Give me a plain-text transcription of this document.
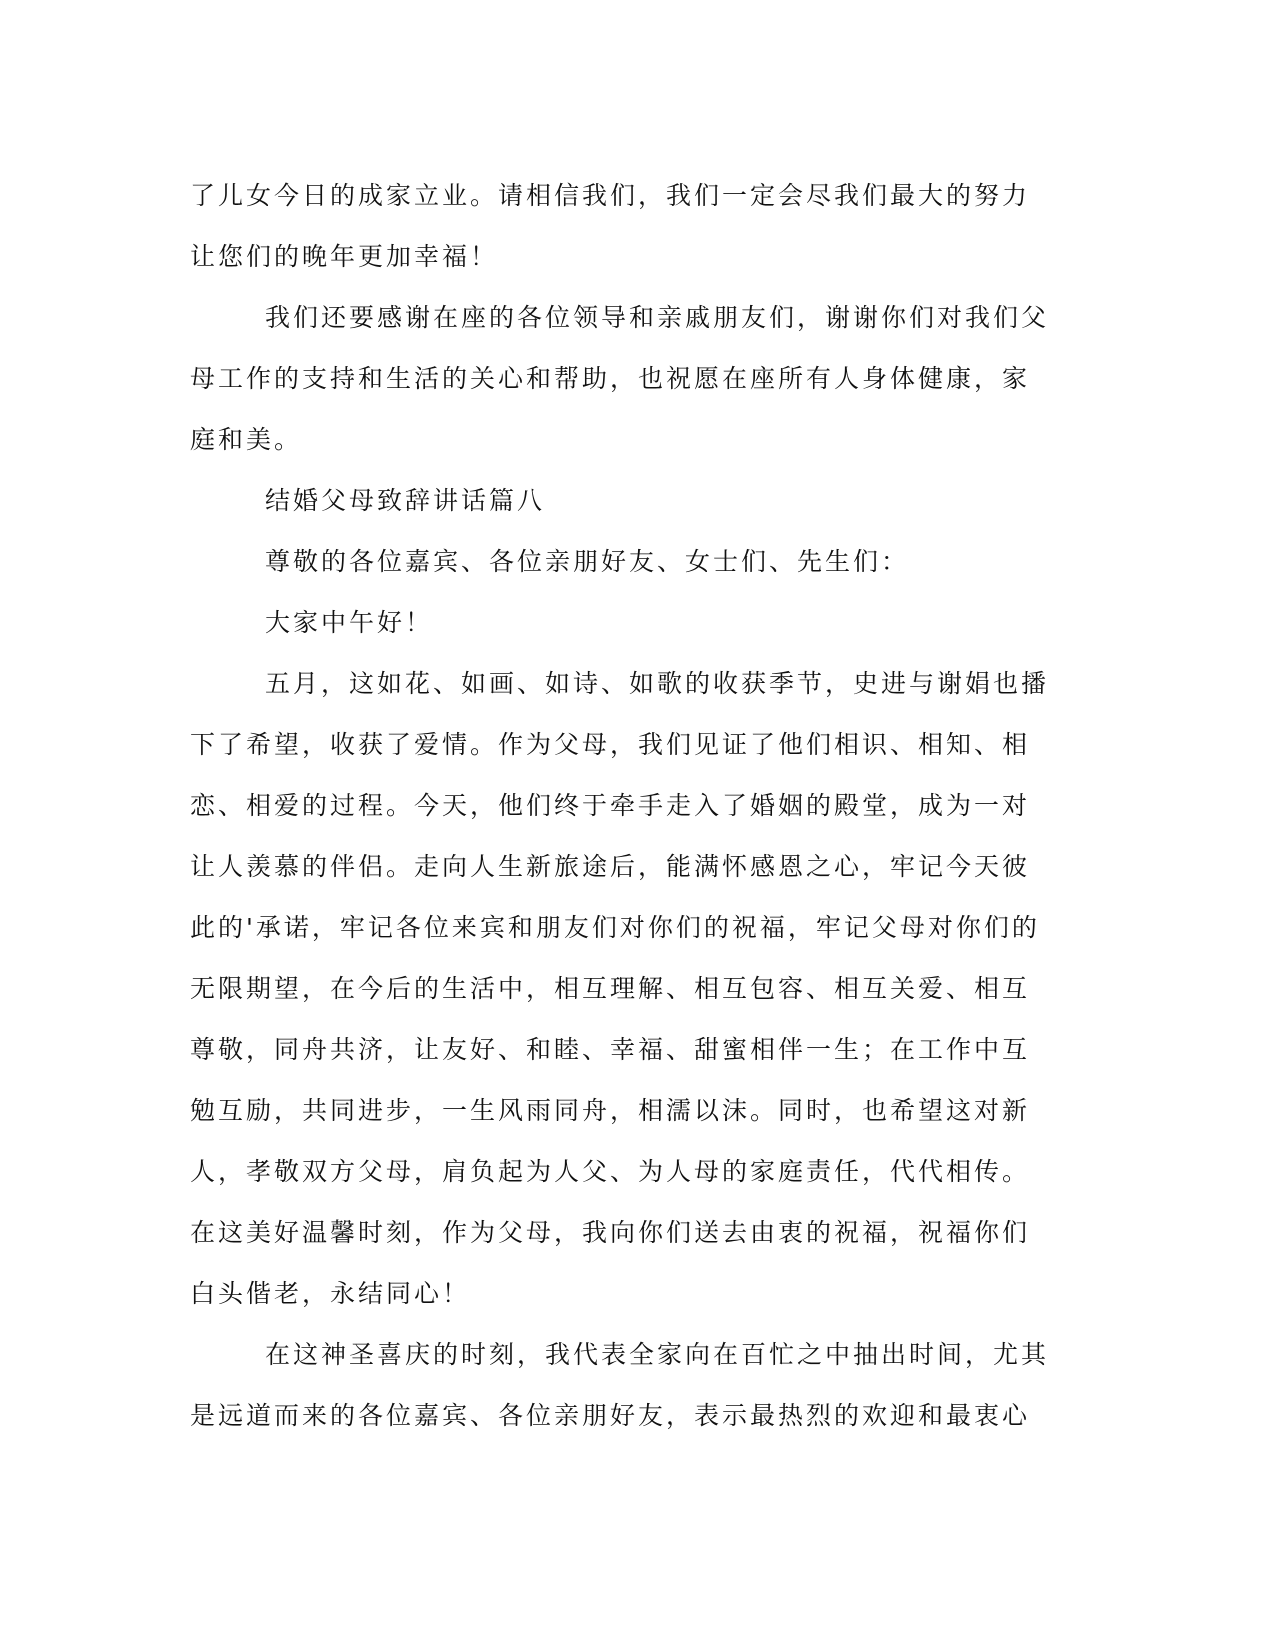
了儿女今日的成家立业。请相信我们，我们一定会尽我们最大的努力
让您们的晚年更加幸福！
我们还要感谢在座的各位领导和亲戚朋友们，谢谢你们对我们父
母工作的支持和生活的关心和帮助，也祝愿在座所有人身体健康，家
庭和美。
结婚父母致辞讲话篇八
尊敬的各位嘉宾、各位亲朋好友、女士们、先生们：
大家中午好！
五月，这如花、如画、如诗、如歌的收获季节，史进与谢娟也播
下了希望，收获了爱情。作为父母，我们见证了他们相识、相知、相
恋、相爱的过程。今天，他们终于牵手走入了婚姻的殿堂，成为一对
让人羡慕的伴侣。走向人生新旅途后，能满怀感恩之心，牢记今天彼
此的'承诺，牢记各位来宾和朋友们对你们的祝福，牢记父母对你们的
无限期望，在今后的生活中，相互理解、相互包容、相互关爱、相互
尊敬，同舟共济，让友好、和睦、幸福、甜蜜相伴一生；在工作中互
勉互励，共同进步，一生风雨同舟，相濡以沫。同时，也希望这对新
人，孝敬双方父母，肩负起为人父、为人母的家庭责任，代代相传。
在这美好温馨时刻，作为父母，我向你们送去由衷的祝福，祝福你们
白头偕老，永结同心！
在这神圣喜庆的时刻，我代表全家向在百忙之中抽出时间，尤其
是远道而来的各位嘉宾、各位亲朋好友，表示最热烈的欢迎和最衷心
